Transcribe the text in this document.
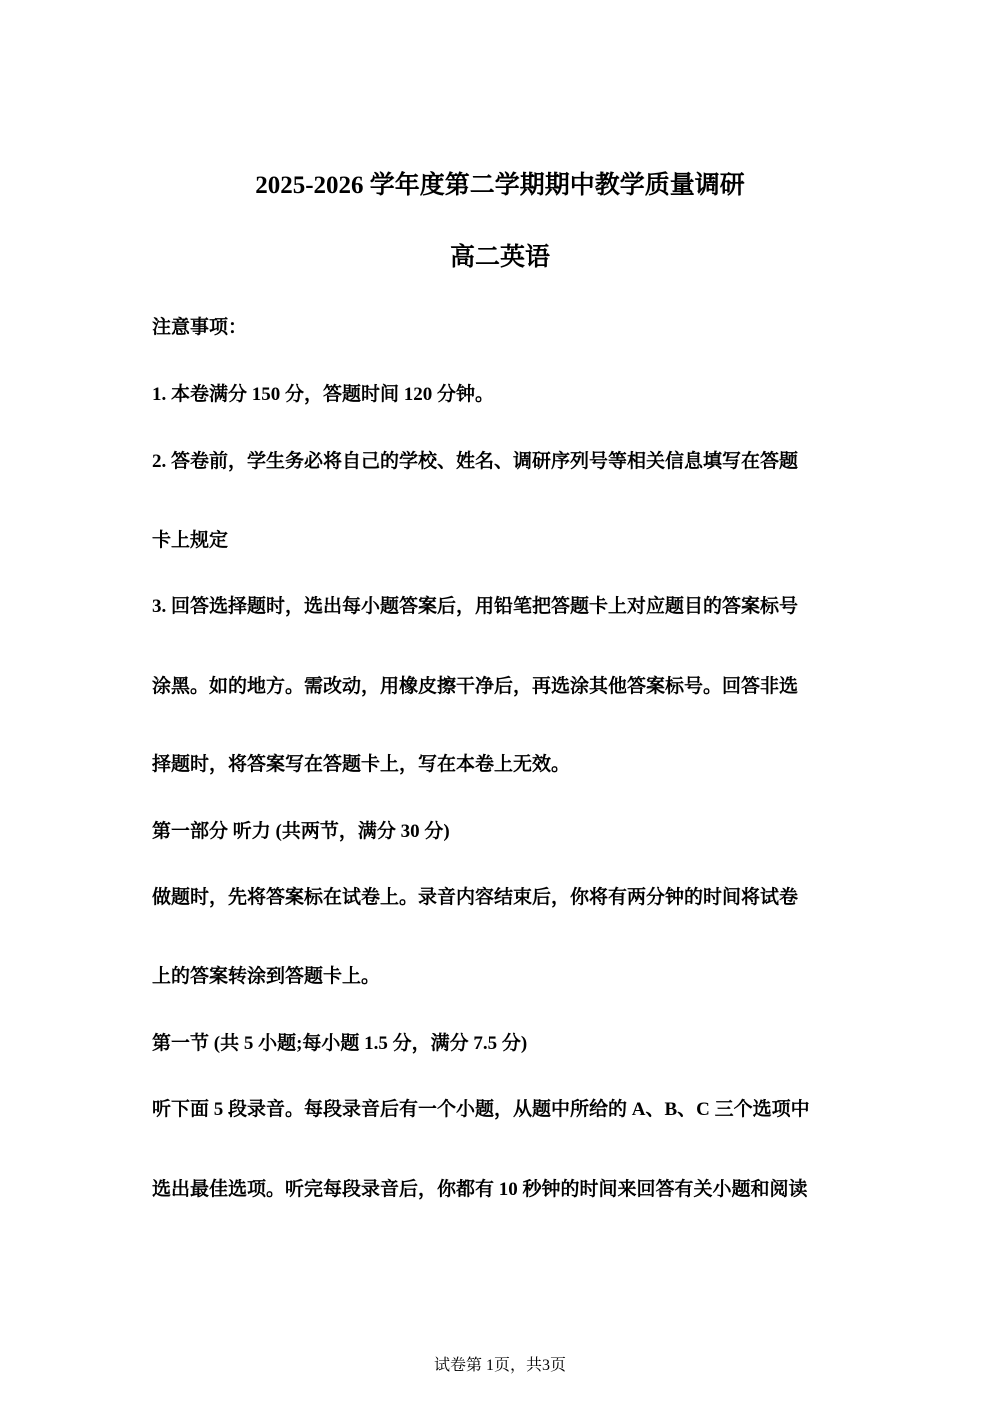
2025-2026 学年度第二学期期中教学质量调研
高二英语
注意事项：
1. 本卷满分 150 分，答题时间 120 分钟。
2. 答卷前，学生务必将自己的学校、姓名、调研序列号等相关信息填写在答题
卡上规定
3. 回答选择题时，选出每小题答案后，用铅笔把答题卡上对应题目的答案标号
涂黑。如的地方。需改动，用橡皮擦干净后，再选涂其他答案标号。回答非选
择题时，将答案写在答题卡上，写在本卷上无效。
第一部分 听力 (共两节，满分 30 分)
做题时，先将答案标在试卷上。录音内容结束后，你将有两分钟的时间将试卷
上的答案转涂到答题卡上。
第一节 (共 5 小题;每小题 1.5 分，满分 7.5 分)
听下面 5 段录音。每段录音后有一个小题，从题中所给的 A、B、C 三个选项中
选出最佳选项。听完每段录音后，你都有 10 秒钟的时间来回答有关小题和阅读
试卷第 1页，共3页
